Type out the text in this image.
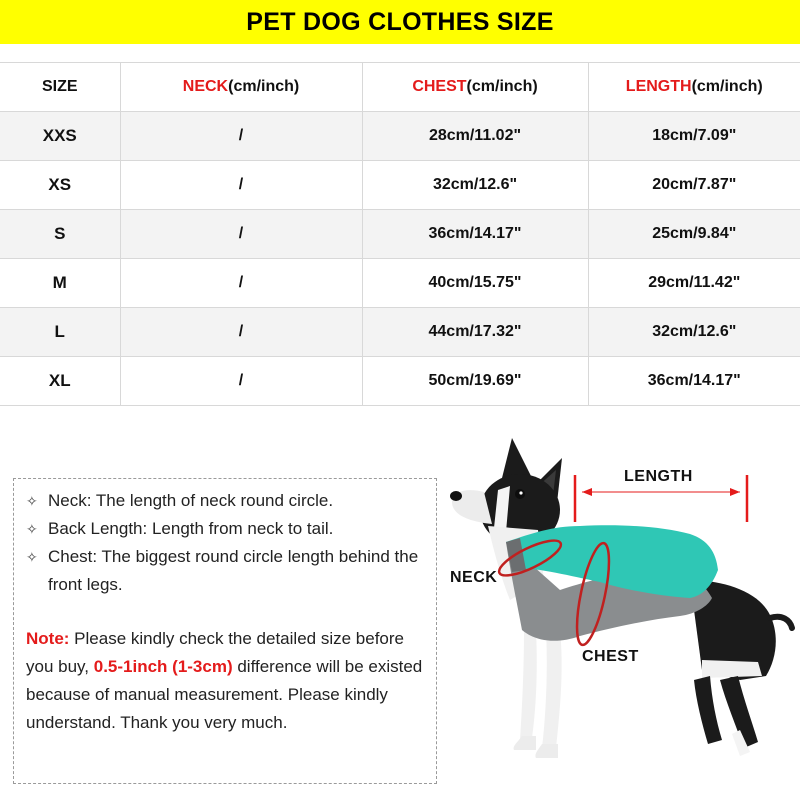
PET DOG CLOTHES SIZE
SIZE	NECK(cm/inch)	CHEST(cm/inch)	LENGTH(cm/inch)
XXS	/	28cm/11.02"	18cm/7.09"
XS	/	32cm/12.6"	20cm/7.87"
S	/	36cm/14.17"	25cm/9.84"
M	/	40cm/15.75"	29cm/11.42"
L	/	44cm/17.32"	32cm/12.6"
XL	/	50cm/19.69"	36cm/14.17"
✧ Neck: The length of neck round circle.
✧ Back Length: Length from neck to tail.
✧ Chest: The biggest round circle length behind the front legs.
Note: Please kindly check the detailed size before you buy, 0.5-1inch (1-3cm) difference will be existed because of manual measurement. Please kindly understand. Thank you very much.
LENGTH
NECK
CHEST
